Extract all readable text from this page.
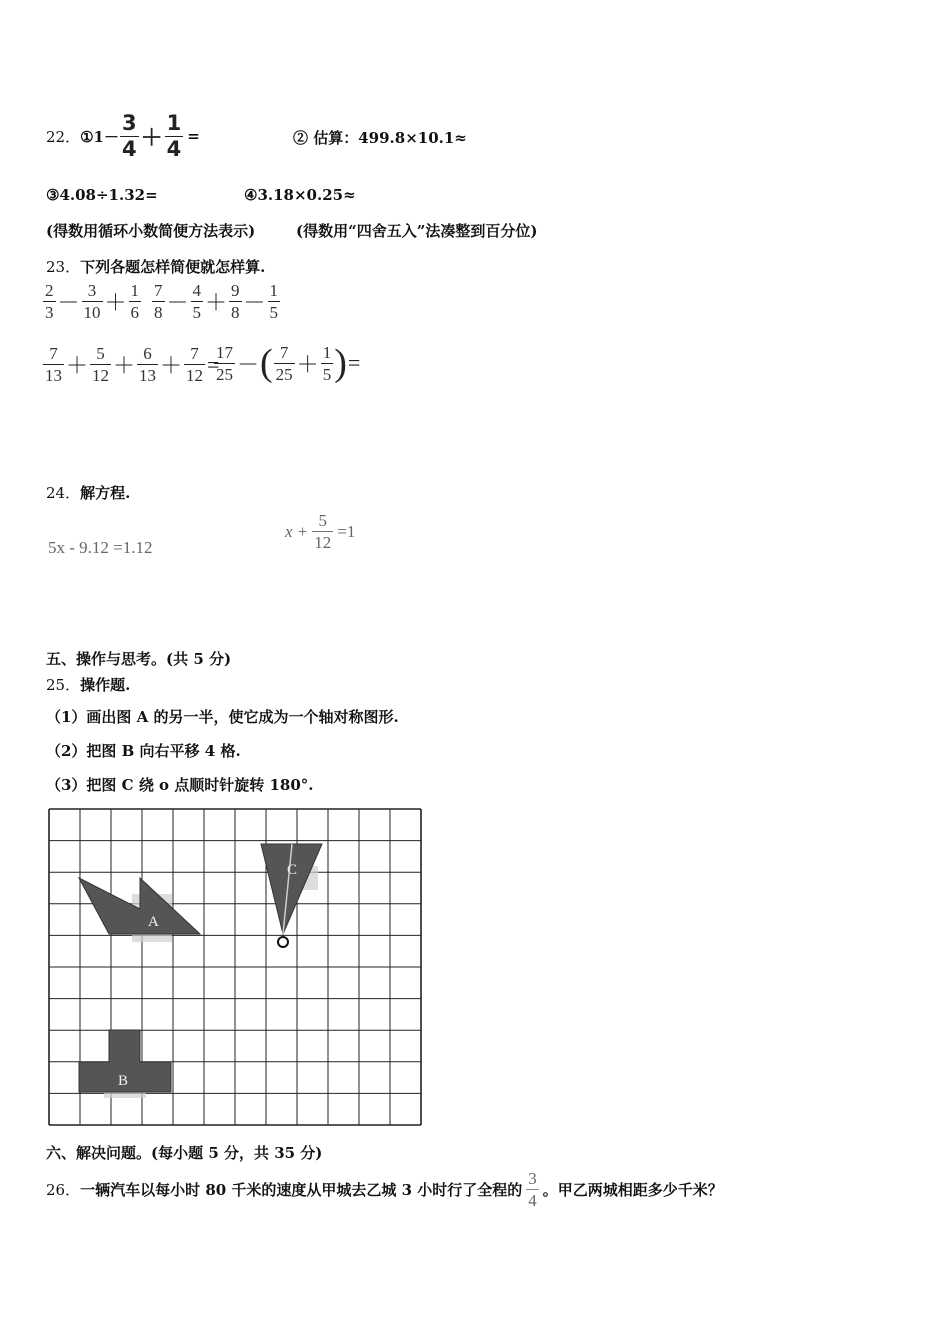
22． ①1－ $\frac{3}{4} + \frac{1}{4}$ =	② 估算：499.8×10.1≈
③4.08÷1.32=	④3.18×0.25≈
(得数用循环小数简便方法表示)	(得数用“四舍五入”法凑整到百分位)
23．下列各题怎样简便就怎样算.
$\frac{2}{3} - \frac{3}{10} + \frac{1}{6} \frac{7}{8} - \frac{4}{5} + \frac{9}{8} - \frac{1}{5}$
$\frac{7}{13} + \frac{5}{12} + \frac{6}{13} + \frac{7}{12}$ =
$\frac{17}{25}$ － ( $\frac{7}{25} + \frac{1}{5}$ ) =
24．解方程.
5x - 9.12 =1.12
$x + \frac{5}{12} =1$
五、操作与思考。(共 5 分)
25．操作题.
（1）画出图 A 的另一半，使它成为一个轴对称图形.
（2）把图 B 向右平移 4 格.
（3）把图 C 绕 o 点顺时针旋转 180°.
A
B
C
六、解决问题。(每小题 5 分，共 35 分)
26． 一辆汽车以每小时 80 千米的速度从甲城去乙城 3 小时行了全程的 $\frac{3}{4}$ 。甲乙两城相距多少千米？
